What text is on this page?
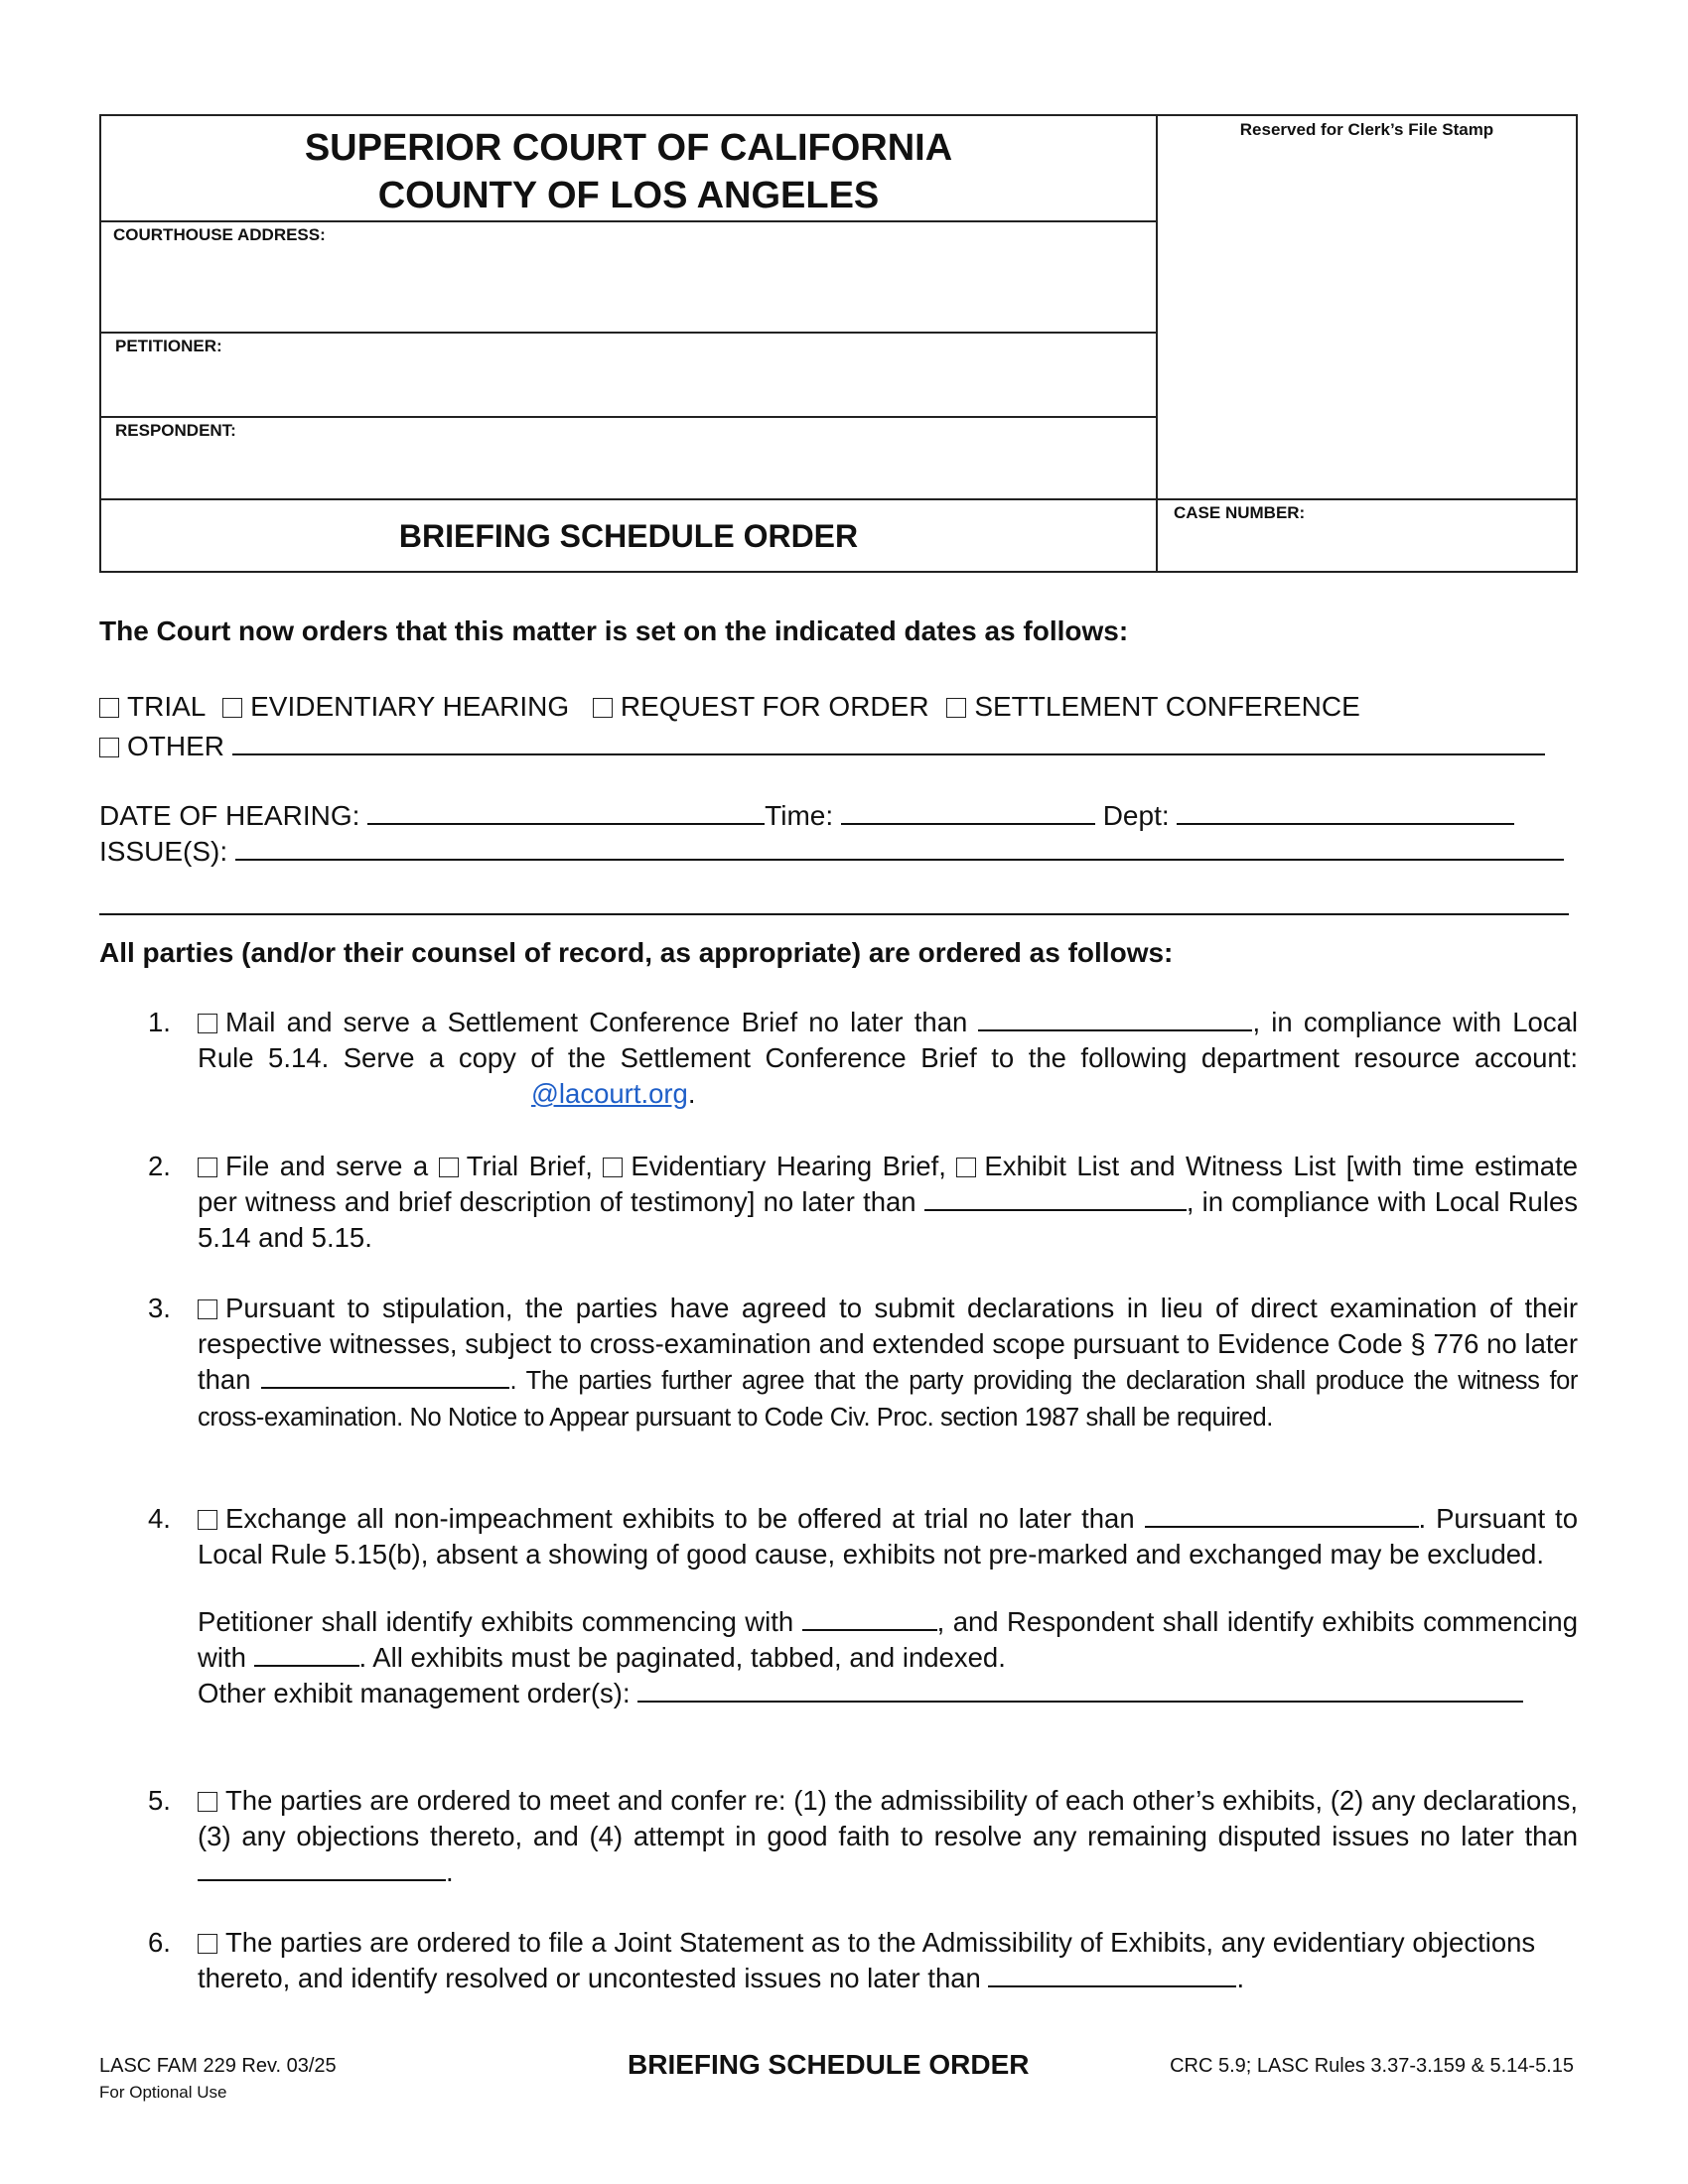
SUPERIOR COURT OF CALIFORNIA
COUNTY OF LOS ANGELES
Reserved for Clerk’s File Stamp
COURTHOUSE ADDRESS:
PETITIONER:
RESPONDENT:
CASE NUMBER:
BRIEFING SCHEDULE ORDER
The Court now orders that this matter is set on the indicated dates as follows:
TRIAL EVIDENTIARY HEARING REQUEST FOR ORDER SETTLEMENT CONFERENCE
OTHER
DATE OF HEARING:	Time:	Dept:
ISSUE(S):
All parties (and/or their counsel of record, as appropriate) are ordered as follows:
1.	Mail and serve a Settlement Conference Brief no later than	, in compliance with Local Rule 5.14. Serve a copy of the Settlement Conference Brief to the following department resource account:@lacourt.org.
2.	File and serve a Trial Brief, Evidentiary Hearing Brief, Exhibit List and Witness List [with time estimate per witness and brief description of testimony] no later than	, in compliance with Local Rules 5.14 and 5.15.
3.	Pursuant to stipulation, the parties have agreed to submit declarations in lieu of direct examination of their respective witnesses, subject to cross-examination and extended scope pursuant to Evidence Code § 776 no later than	. The parties further agree that the party providing the declaration shall produce the witness for cross-examination. No Notice to Appear pursuant to Code Civ. Proc. section 1987 shall be required.
4.	Exchange all non-impeachment exhibits to be offered at trial no later than	. Pursuant to Local Rule 5.15(b), absent a showing of good cause, exhibits not pre-marked and exchanged may be excluded.
Petitioner shall identify exhibits commencing with	, and Respondent shall identify exhibits commencing with	. All exhibits must be paginated, tabbed, and indexed.
Other exhibit management order(s):
5.	The parties are ordered to meet and confer re: (1) the admissibility of each other’s exhibits, (2) any declarations, (3) any objections thereto, and (4) attempt in good faith to resolve any remaining disputed issues no later than .
6.	The parties are ordered to file a Joint Statement as to the Admissibility of Exhibits, any evidentiary objections thereto, and identify resolved or uncontested issues no later than	.
LASC FAM 229 Rev. 03/25
For Optional Use
BRIEFING SCHEDULE ORDER	CRC 5.9; LASC Rules 3.37-3.159 & 5.14-5.15
